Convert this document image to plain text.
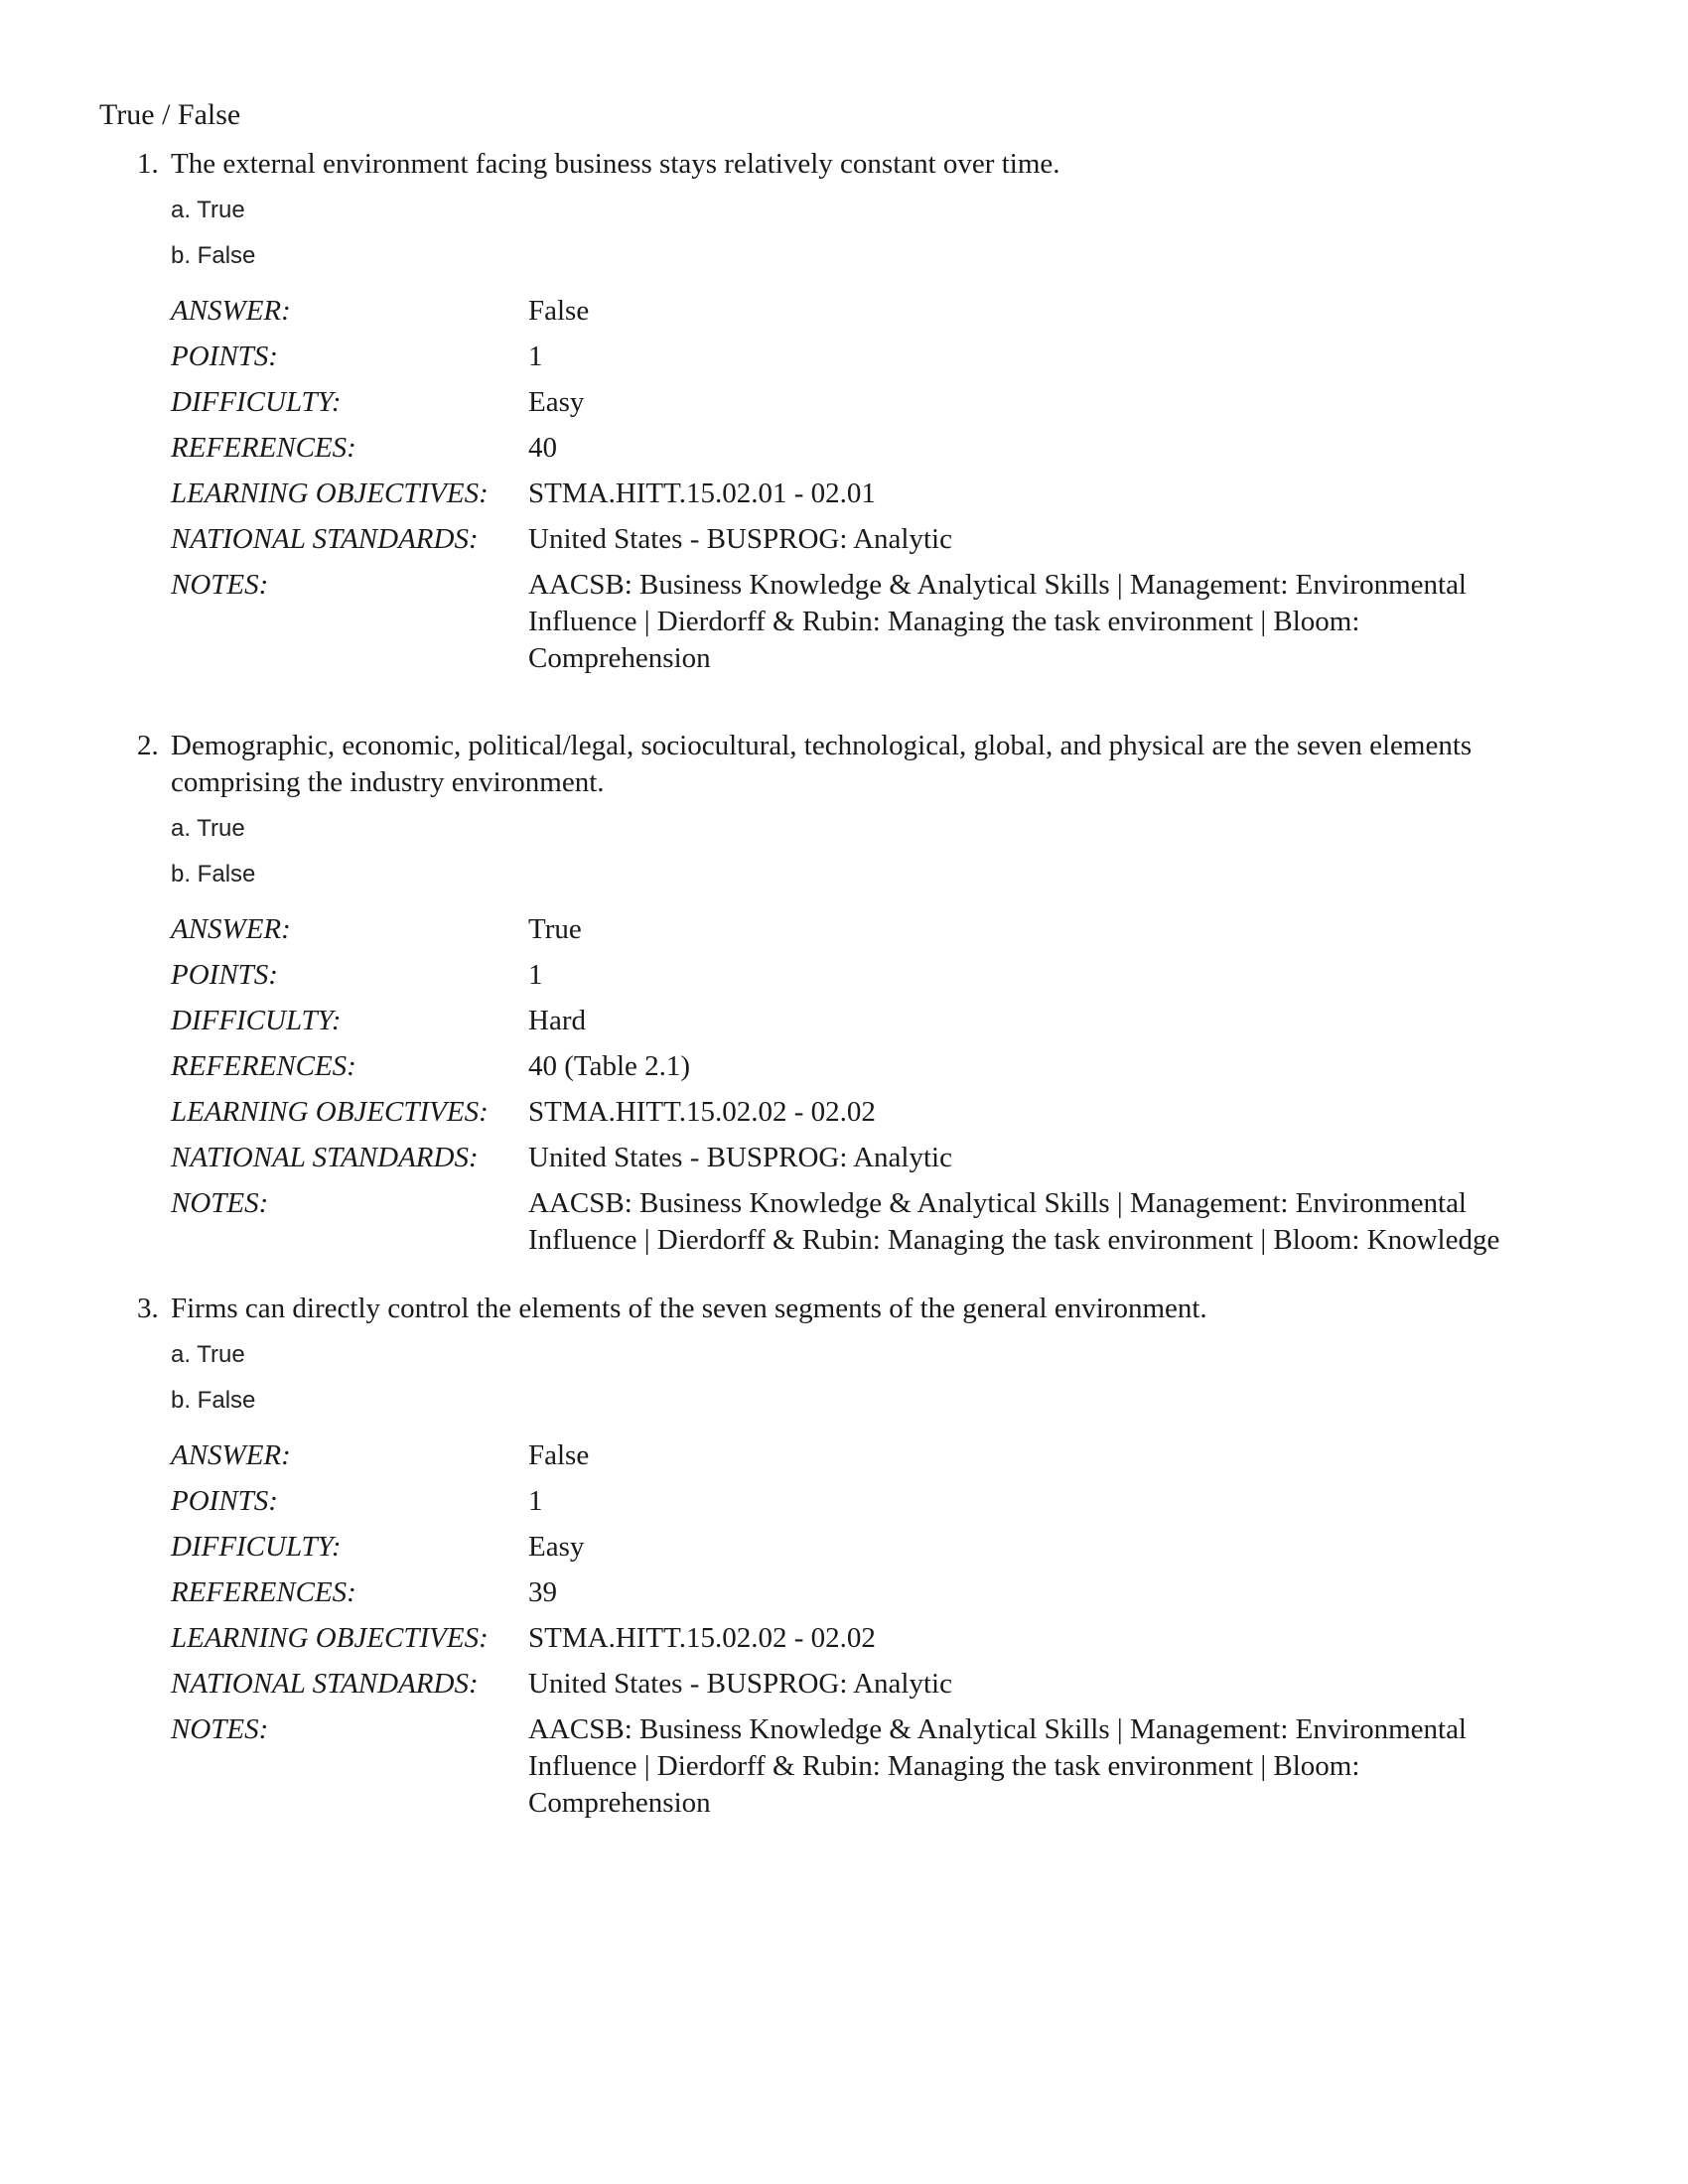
True / False
1. The external environment facing business stays relatively constant over time.
a. True
b. False
ANSWER:	False
POINTS:	1
DIFFICULTY:	Easy
REFERENCES:	40
LEARNING OBJECTIVES:	STMA.HITT.15.02.01 - 02.01
NATIONAL STANDARDS:	United States - BUSPROG: Analytic
NOTES:	AACSB: Business Knowledge & Analytical Skills | Management: Environmental Influence | Dierdorff & Rubin: Managing the task environment | Bloom: Comprehension
2. Demographic, economic, political/legal, sociocultural, technological, global, and physical are the seven elements comprising the industry environment.
a. True
b. False
ANSWER:	True
POINTS:	1
DIFFICULTY:	Hard
REFERENCES:	40 (Table 2.1)
LEARNING OBJECTIVES:	STMA.HITT.15.02.02 - 02.02
NATIONAL STANDARDS:	United States - BUSPROG: Analytic
NOTES:	AACSB: Business Knowledge & Analytical Skills | Management: Environmental Influence | Dierdorff & Rubin: Managing the task environment | Bloom: Knowledge
3. Firms can directly control the elements of the seven segments of the general environment.
a. True
b. False
ANSWER:	False
POINTS:	1
DIFFICULTY:	Easy
REFERENCES:	39
LEARNING OBJECTIVES:	STMA.HITT.15.02.02 - 02.02
NATIONAL STANDARDS:	United States - BUSPROG: Analytic
NOTES:	AACSB: Business Knowledge & Analytical Skills | Management: Environmental Influence | Dierdorff & Rubin: Managing the task environment | Bloom: Comprehension
